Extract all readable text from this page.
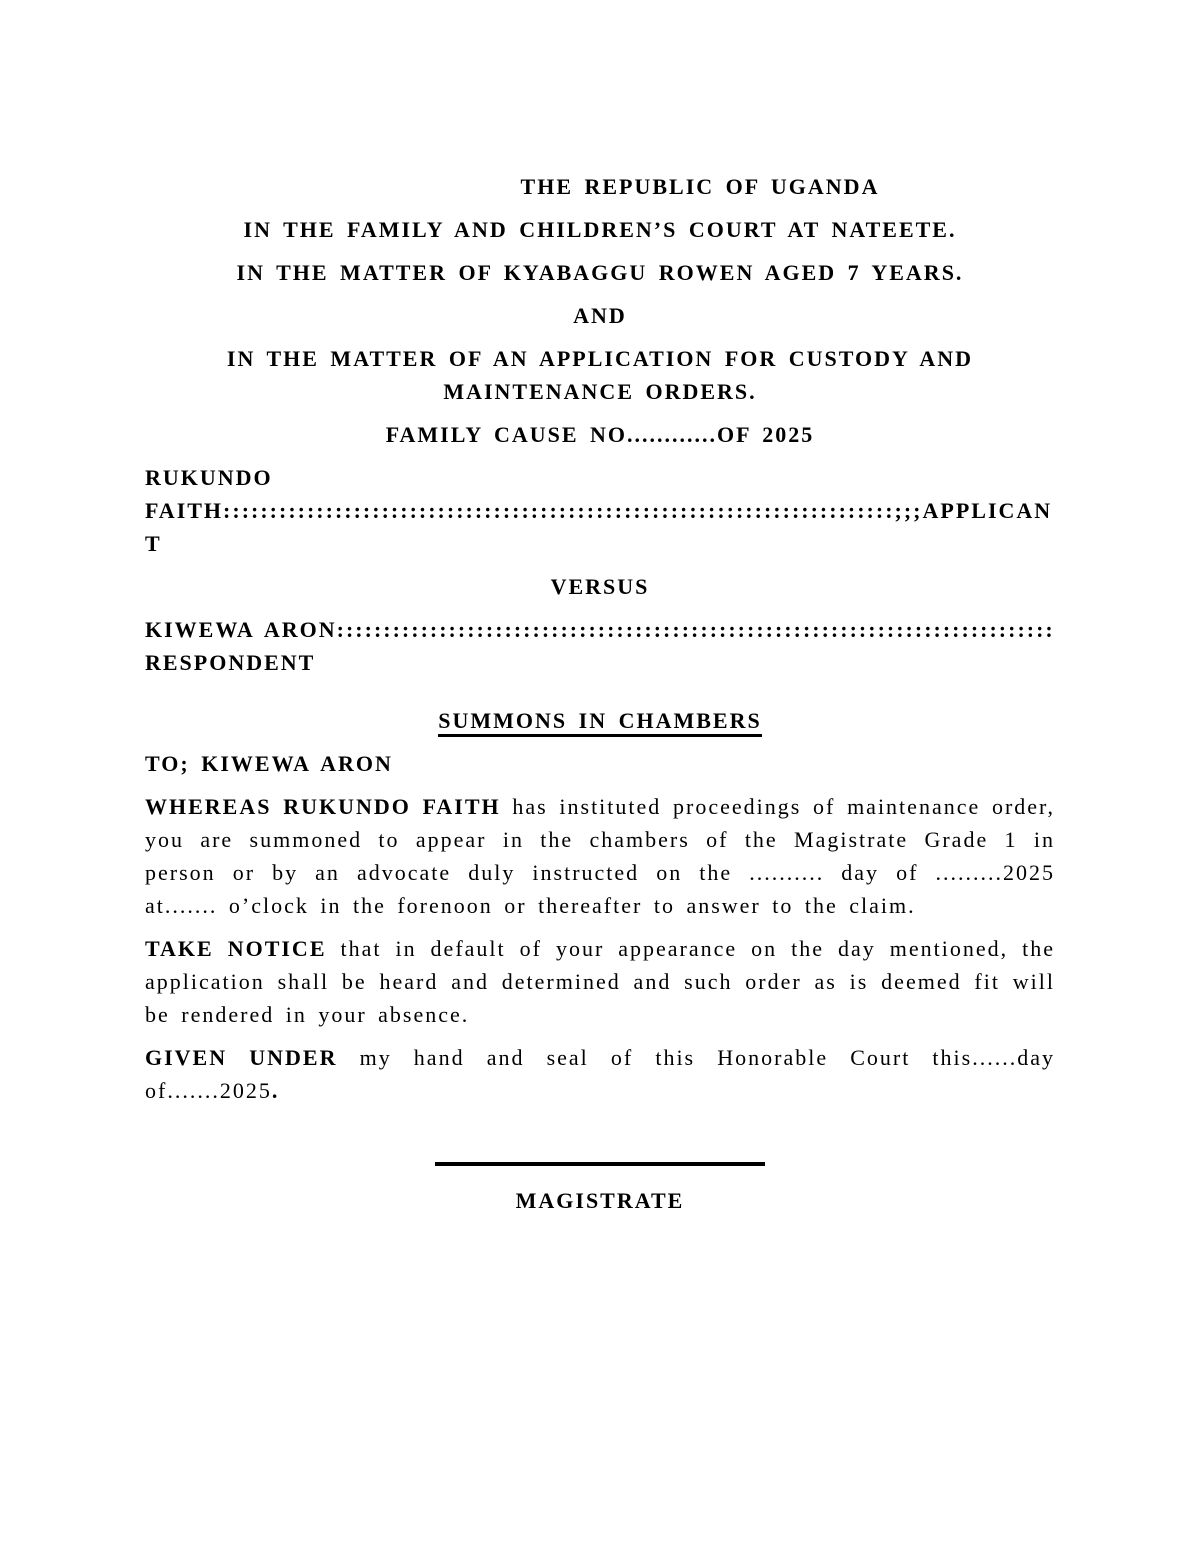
THE REPUBLIC OF UGANDA

IN THE FAMILY AND CHILDREN’S COURT AT NATEETE.

IN THE MATTER OF KYABAGGU ROWEN AGED 7 YEARS.

AND

IN THE MATTER OF AN APPLICATION FOR CUSTODY AND MAINTENANCE ORDERS.

FAMILY CAUSE NO............OF 2025

RUKUNDO FAITH::::::::::::::::::::::::::::::::::::::::::::::::::::::::::::::::::::::::;;;APPLICANT

VERSUS

KIWEWA ARON::::::::::::::::::::::::::::::::::::::::::::::::::::::::::::::::::::::::::::: RESPONDENT

SUMMONS IN CHAMBERS

TO; KIWEWA ARON

WHEREAS RUKUNDO FAITH has instituted proceedings of maintenance order, you are summoned to appear in the chambers of the Magistrate Grade 1 in person or by an advocate duly instructed on the .......... day of .........2025 at....... o’clock in the forenoon or thereafter to answer to the claim.

TAKE NOTICE that in default of your appearance on the day mentioned, the application shall be heard and determined and such order as is deemed fit will be rendered in your absence.

GIVEN UNDER my hand and seal of this Honorable Court this......day of.......2025.

MAGISTRATE
